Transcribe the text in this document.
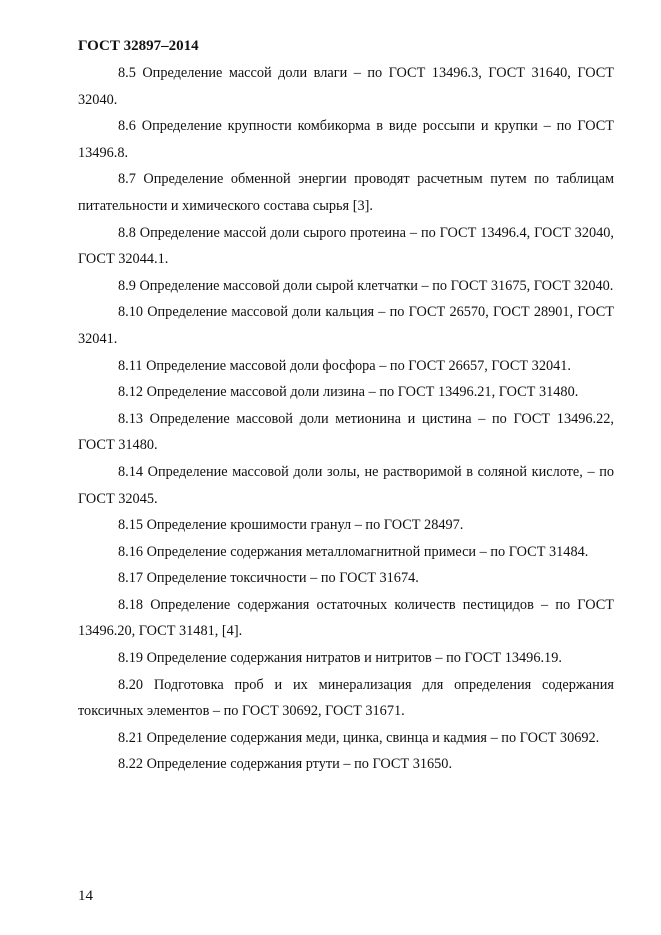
ГОСТ 32897–2014

8.5 Определение массой доли влаги – по ГОСТ 13496.3, ГОСТ 31640, ГОСТ 32040.

8.6 Определение крупности комбикорма в виде россыпи и крупки – по ГОСТ 13496.8.

8.7 Определение обменной энергии проводят расчетным путем по таблицам питательности и химического состава сырья [3].

8.8 Определение массой доли сырого протеина – по ГОСТ 13496.4, ГОСТ 32040, ГОСТ 32044.1.

8.9 Определение массовой доли сырой клетчатки – по ГОСТ 31675, ГОСТ 32040.

8.10 Определение массовой доли кальция – по ГОСТ 26570, ГОСТ 28901, ГОСТ 32041.

8.11 Определение массовой доли фосфора – по ГОСТ 26657, ГОСТ 32041.

8.12 Определение массовой доли лизина – по ГОСТ 13496.21, ГОСТ 31480.

8.13 Определение массовой доли метионина и цистина – по ГОСТ 13496.22, ГОСТ 31480.

8.14 Определение массовой доли золы, не растворимой в соляной кислоте, – по ГОСТ 32045.

8.15 Определение крошимости гранул – по ГОСТ 28497.

8.16 Определение содержания металломагнитной примеси – по ГОСТ 31484.

8.17 Определение токсичности – по ГОСТ 31674.

8.18 Определение содержания остаточных количеств пестицидов – по ГОСТ 13496.20, ГОСТ 31481, [4].

8.19 Определение содержания нитратов и нитритов – по ГОСТ 13496.19.

8.20 Подготовка проб и их минерализация для определения содержания токсичных элементов – по ГОСТ 30692, ГОСТ 31671.

8.21 Определение содержания меди, цинка, свинца и кадмия – по ГОСТ 30692.

8.22 Определение содержания ртути – по ГОСТ 31650.

14
